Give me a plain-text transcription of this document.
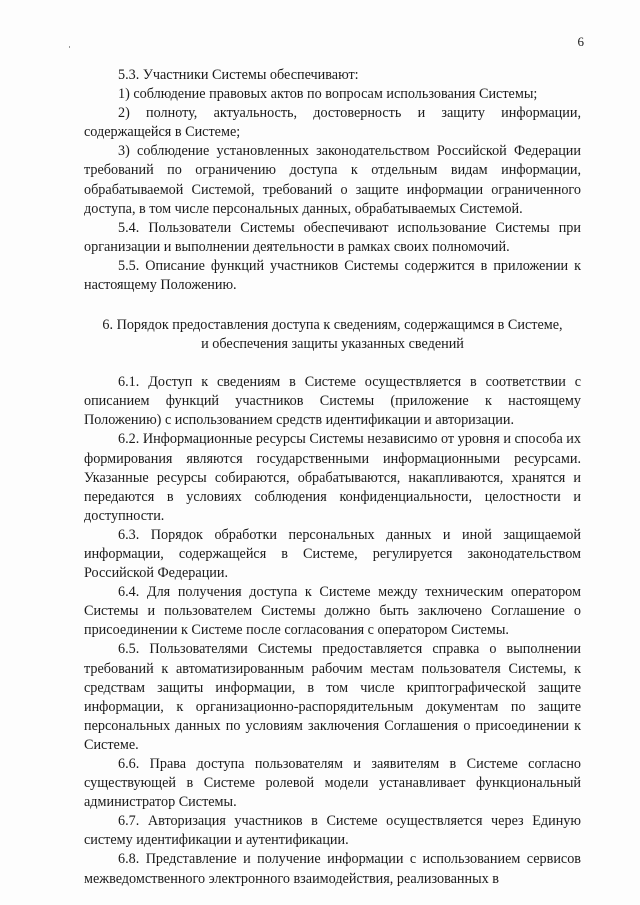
6

5.3. Участники Системы обеспечивают:

1) соблюдение правовых актов по вопросам использования Системы;

2) полноту, актуальность, достоверность и защиту информации, содержащейся в Системе;

3) соблюдение установленных законодательством Российской Федерации требований по ограничению доступа к отдельным видам информации, обрабатываемой Системой, требований о защите информации ограниченного доступа, в том числе персональных данных, обрабатываемых Системой.

5.4. Пользователи Системы обеспечивают использование Системы при организации и выполнении деятельности в рамках своих полномочий.

5.5. Описание функций участников Системы содержится в приложении к настоящему Положению.

6. Порядок предоставления доступа к сведениям, содержащимся в Системе,
и обеспечения защиты указанных сведений

6.1. Доступ к сведениям в Системе осуществляется в соответствии с описанием функций участников Системы (приложение к настоящему Положению) с использованием средств идентификации и авторизации.

6.2. Информационные ресурсы Системы независимо от уровня и способа их формирования являются государственными информационными ресурсами. Указанные ресурсы собираются, обрабатываются, накапливаются, хранятся и передаются в условиях соблюдения конфиденциальности, целостности и доступности.

6.3. Порядок обработки персональных данных и иной защищаемой информации, содержащейся в Системе, регулируется законодательством Российской Федерации.

6.4. Для получения доступа к Системе между техническим оператором Системы и пользователем Системы должно быть заключено Соглашение о присоединении к Системе после согласования с оператором Системы.

6.5. Пользователями Системы предоставляется справка о выполнении требований к автоматизированным рабочим местам пользователя Системы, к средствам защиты информации, в том числе криптографической защите информации, к организационно-распорядительным документам по защите персональных данных по условиям заключения Соглашения о присоединении к Системе.

6.6. Права доступа пользователям и заявителям в Системе согласно существующей в Системе ролевой модели устанавливает функциональный администратор Системы.

6.7. Авторизация участников в Системе осуществляется через Единую систему идентификации и аутентификации.

6.8. Представление и получение информации с использованием сервисов межведомственного электронного взаимодействия, реализованных в
